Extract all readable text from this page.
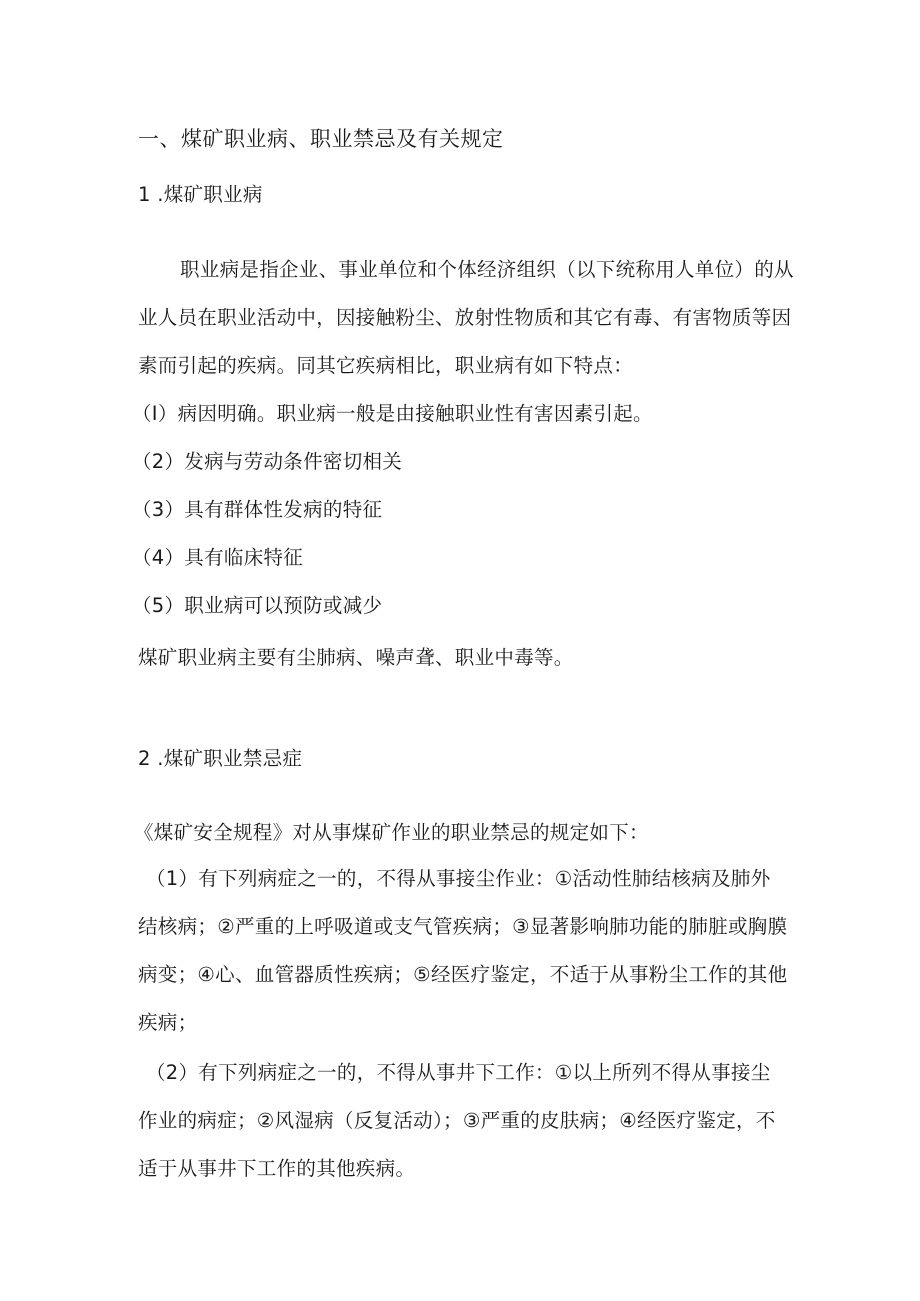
一、煤矿职业病、职业禁忌及有关规定
1 .煤矿职业病
职业病是指企业、事业单位和个体经济组织（以下统称用人单位）的从
业人员在职业活动中，因接触粉尘、放射性物质和其它有毒、有害物质等因
素而引起的疾病。同其它疾病相比，职业病有如下特点：
（I）病因明确。职业病一般是由接触职业性有害因素引起。
（2）发病与劳动条件密切相关
（3）具有群体性发病的特征
（4）具有临床特征
（5）职业病可以预防或减少
煤矿职业病主要有尘肺病、噪声聋、职业中毒等。
2 .煤矿职业禁忌症
《煤矿安全规程》对从事煤矿作业的职业禁忌的规定如下：
（1）有下列病症之一的，不得从事接尘作业：①活动性肺结核病及肺外
结核病；②严重的上呼吸道或支气管疾病；③显著影响肺功能的肺脏或胸膜
病变；④心、血管器质性疾病；⑤经医疗鉴定，不适于从事粉尘工作的其他
疾病；
（2）有下列病症之一的，不得从事井下工作：①以上所列不得从事接尘
作业的病症；②风湿病（反复活动）；③严重的皮肤病；④经医疗鉴定，不
适于从事井下工作的其他疾病。
